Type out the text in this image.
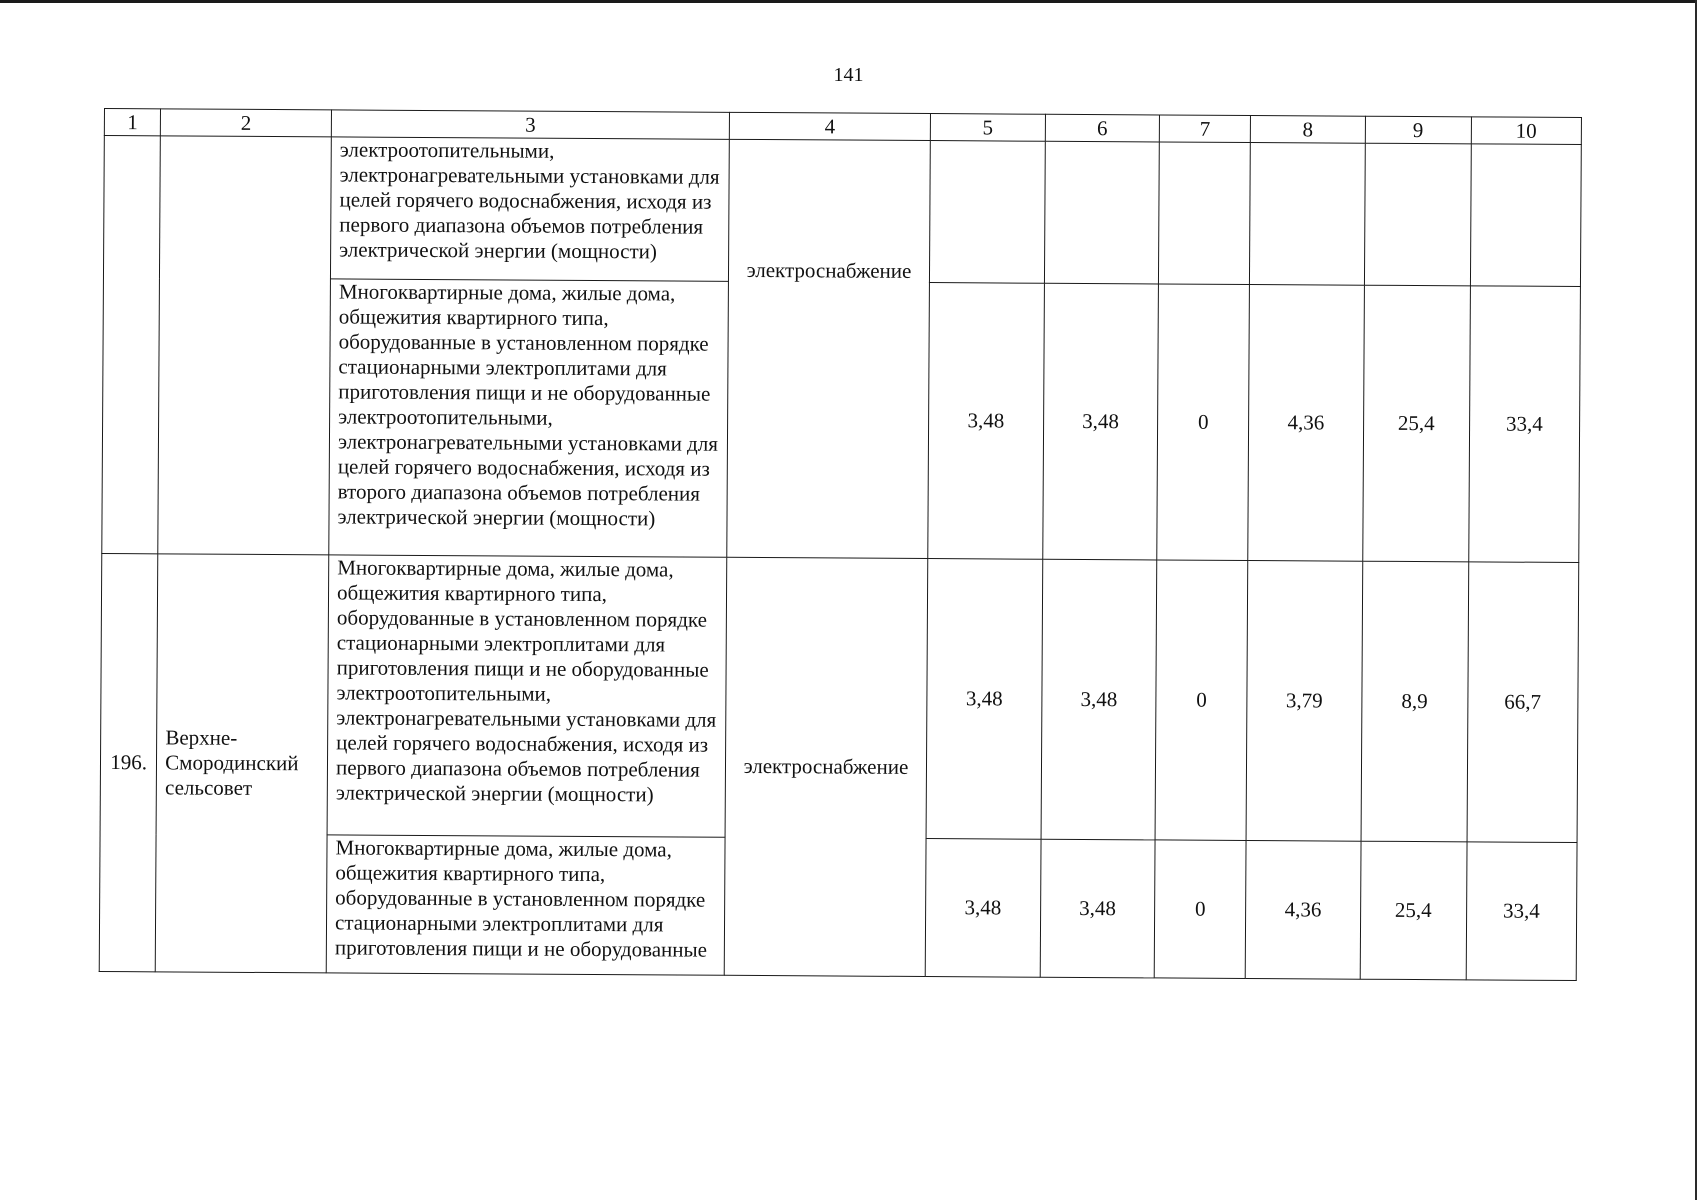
141
1	2	3	4	5	6	7	8	9	10
		электроотопительными, электронагревательными установками для целей горячего водоснабжения, исходя из первого диапазона объемов потребления электрической энергии (мощности)	электроснабжение						
		Многоквартирные дома, жилые дома, общежития квартирного типа, оборудованные в установленном порядке стационарными электроплитами для приготовления пищи и не оборудованные электроотопительными, электронагревательными установками для целей горячего водоснабжения, исходя из второго диапазона объемов потребления электрической энергии (мощности)		3,48	3,48	0	4,36	25,4	33,4
196.	Верхне-Смородинский сельсовет	Многоквартирные дома, жилые дома, общежития квартирного типа, оборудованные в установленном порядке стационарными электроплитами для приготовления пищи и не оборудованные электроотопительными, электронагревательными установками для целей горячего водоснабжения, исходя из первого диапазона объемов потребления электрической энергии (мощности)	электроснабжение	3,48	3,48	0	3,79	8,9	66,7
		Многоквартирные дома, жилые дома, общежития квартирного типа, оборудованные в установленном порядке стационарными электроплитами для приготовления пищи и не оборудованные		3,48	3,48	0	4,36	25,4	33,4
